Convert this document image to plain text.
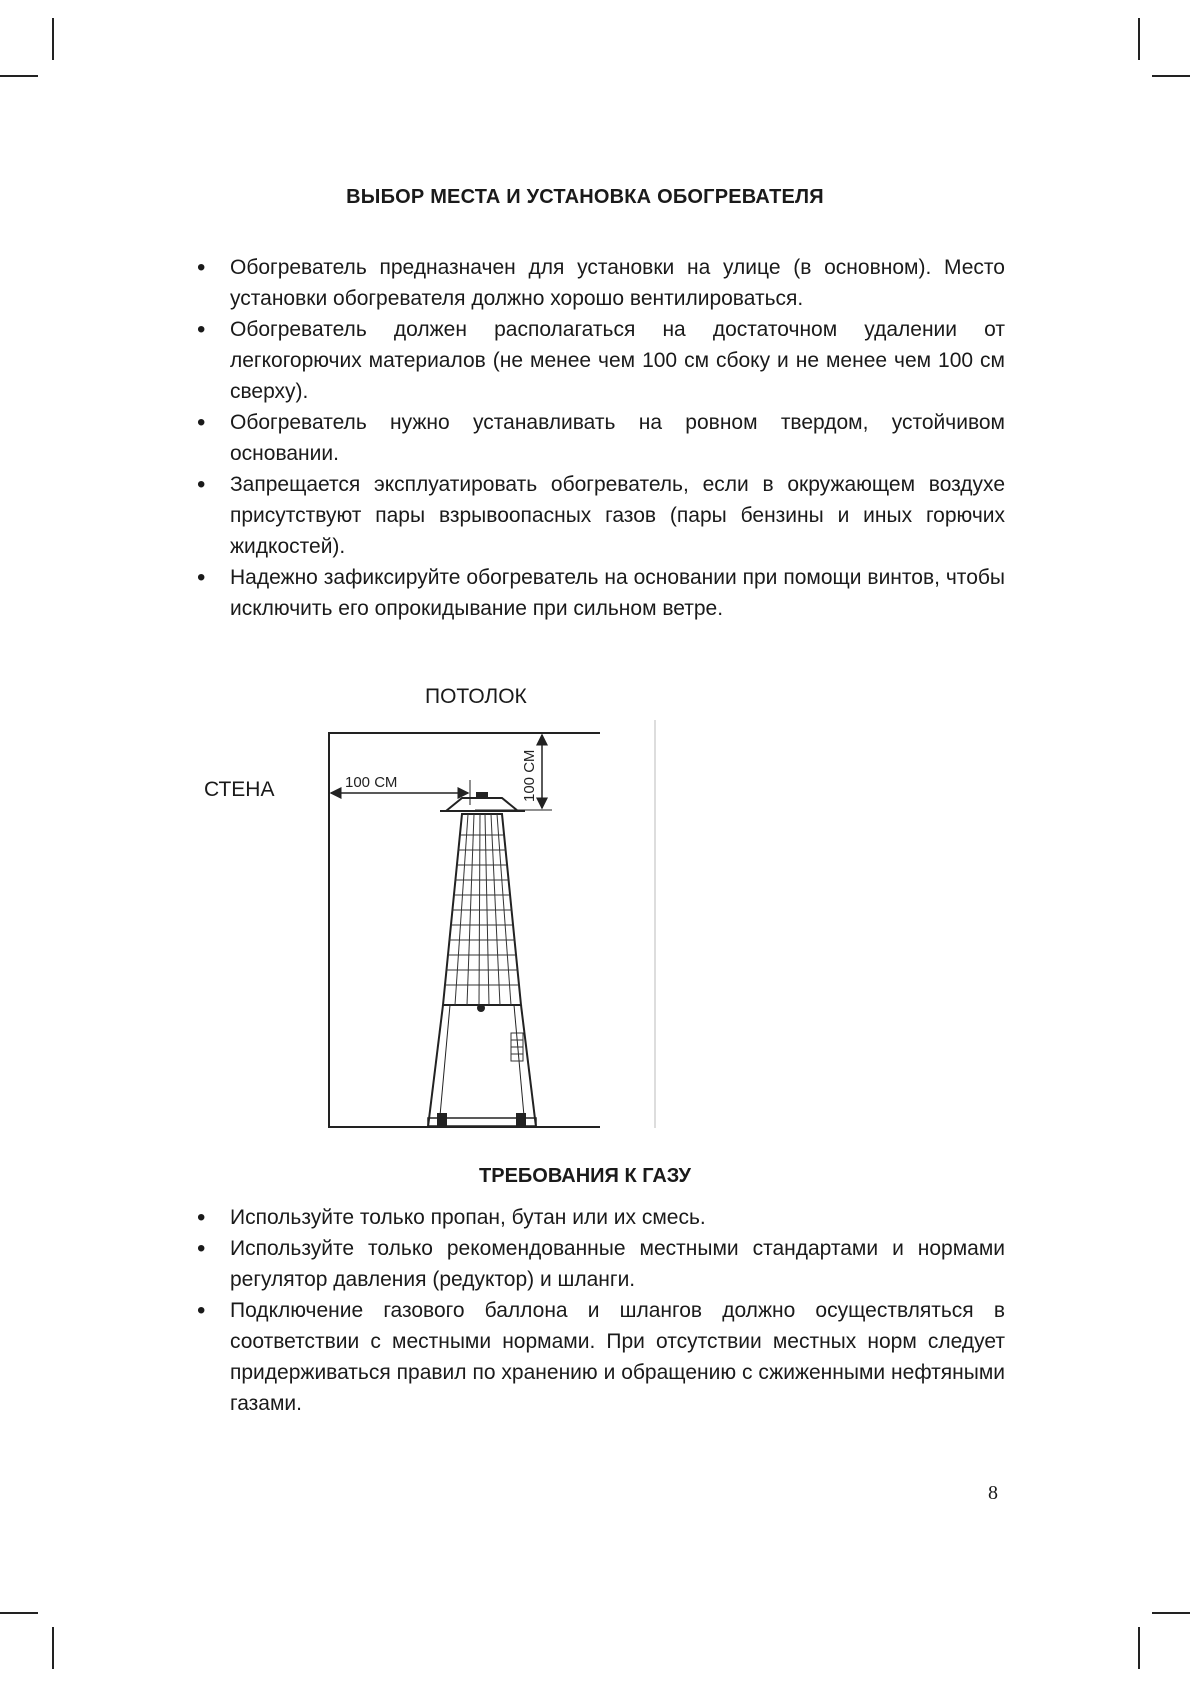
ВЫБОР МЕСТА И УСТАНОВКА ОБОГРЕВАТЕЛЯ
• Обогреватель предназначен для установки на улице (в основном). Место установки обогревателя должно хорошо вентилироваться.
• Обогреватель должен располагаться на достаточном удалении от легкогорючих материалов (не менее чем 100 см сбоку и не менее чем 100 см сверху).
• Обогреватель нужно устанавливать на ровном твердом, устойчивом основании.
• Запрещается эксплуатировать обогреватель, если в окружающем воздухе присутствуют пары взрывоопасных газов (пары бензины и иных горючих жидкостей).
• Надежно зафиксируйте обогреватель на основании при помощи винтов, чтобы исключить его опрокидывание при сильном ветре.
ПОТОЛОК
СТЕНА	100 СМ	100 СМ
ТРЕБОВАНИЯ К ГАЗУ
• Используйте только пропан, бутан или их смесь.
• Используйте только рекомендованные местными стандартами и нормами регулятор давления (редуктор) и шланги.
• Подключение газового баллона и шлангов должно осуществляться в соответствии с местными нормами. При отсутствии местных норм следует придерживаться правил по хранению и обращению с сжиженными нефтяными газами.
8
